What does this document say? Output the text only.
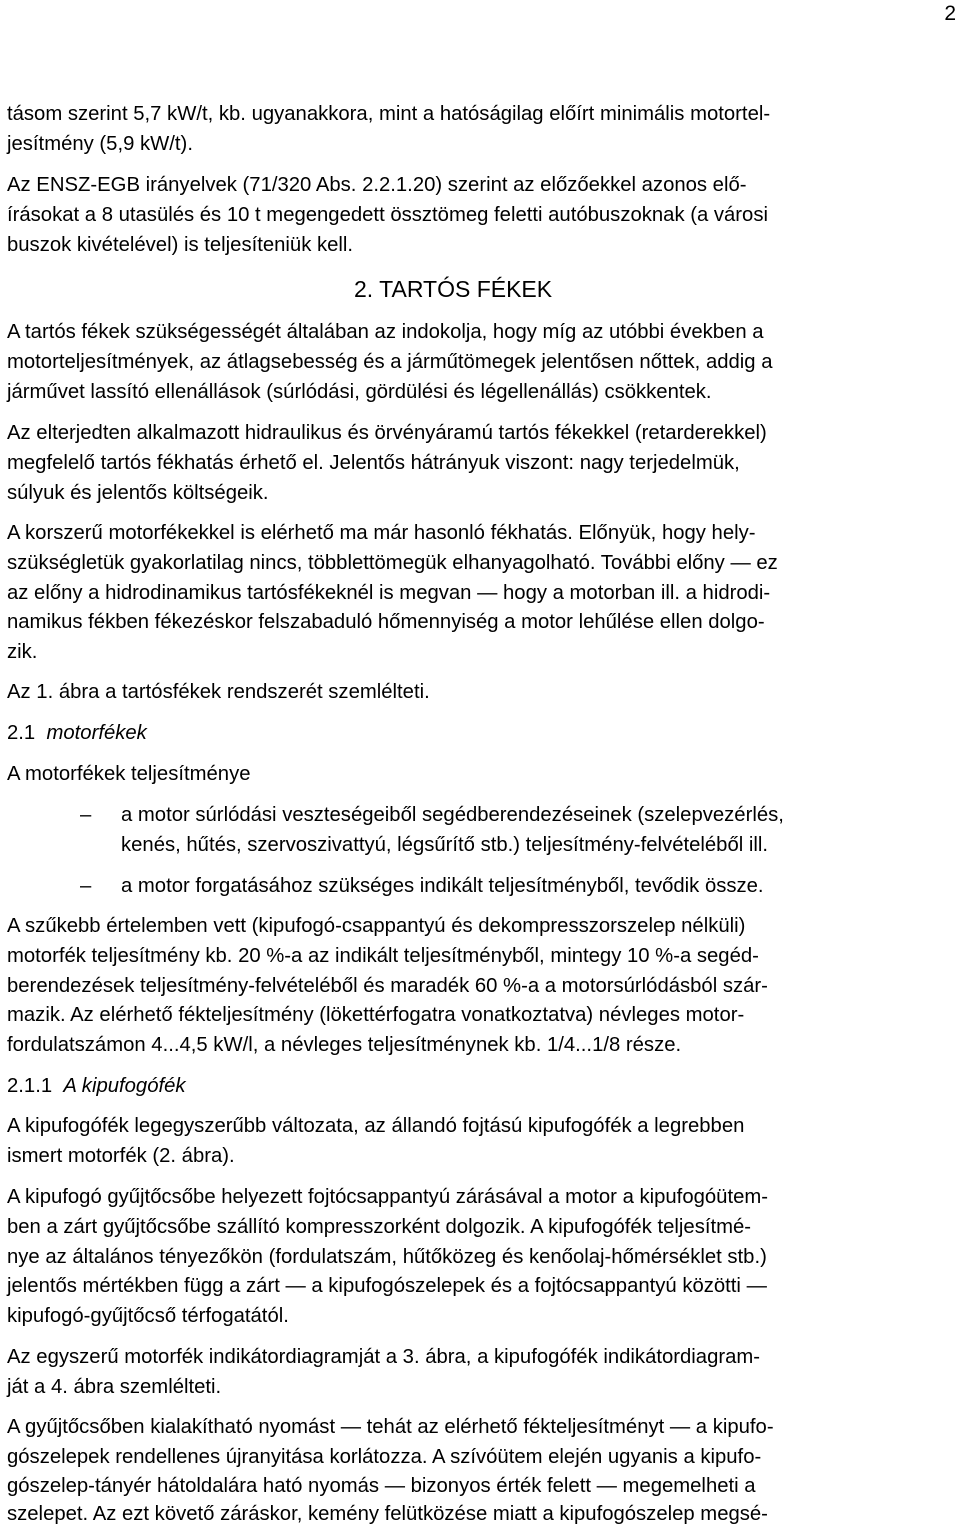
2
tásom szerint 5,7 kW/t, kb. ugyanakkora, mint a hatóságilag előírt minimális motortel-
jesítmény (5,9 kW/t).
Az ENSZ-EGB irányelvek (71/320 Abs. 2.2.1.20) szerint az előzőekkel azonos elő-
írásokat a 8 utasülés és 10 t megengedett össztömeg feletti autóbuszoknak (a városi
buszok kivételével) is teljesíteniük kell.
2. TARTÓS FÉKEK
A tartós fékek szükségességét általában az indokolja, hogy míg az utóbbi években a
motorteljesítmények, az átlagsebesség és a járműtömegek jelentősen nőttek, addig a
járművet lassító ellenállások (súrlódási, gördülési és légellenállás) csökkentek.
Az elterjedten alkalmazott hidraulikus és örvényáramú tartós fékekkel (retarderekkel)
megfelelő tartós fékhatás érhető el. Jelentős hátrányuk viszont: nagy terjedelmük,
súlyuk és jelentős költségeik.
A korszerű motorfékekkel is elérhető ma már hasonló fékhatás. Előnyük, hogy hely-
szükségletük gyakorlatilag nincs, többlettömegük elhanyagolható. További előny — ez
az előny a hidrodinamikus tartósfékeknél is megvan — hogy a motorban ill. a hidrodi-
namikus fékben fékezéskor felszabaduló hőmennyiség a motor lehűlése ellen dolgo-
zik.
Az 1. ábra a tartósfékek rendszerét szemlélteti.
2.1 motorfékek
A motorfékek teljesítménye
– a motor súrlódási veszteségeiből segédberendezéseinek (szelepvezérlés,
kenés, hűtés, szervoszivattyú, légsűrítő stb.) teljesítmény-felvételéből ill.
– a motor forgatásához szükséges indikált teljesítményből, tevődik össze.
A szűkebb értelemben vett (kipufogó-csappantyú és dekompresszorszelep nélküli)
motorfék teljesítmény kb. 20 %-a az indikált teljesítményből, mintegy 10 %-a segéd-
berendezések teljesítmény-felvételéből és maradék 60 %-a a motorsúrlódásból szár-
mazik. Az elérhető fékteljesítmény (lökettérfogatra vonatkoztatva) névleges motor-
fordulatszámon 4...4,5 kW/l, a névleges teljesítménynek kb. 1/4...1/8 része.
2.1.1 A kipufogófék
A kipufogófék legegyszerűbb változata, az állandó fojtású kipufogófék a legrebben
ismert motorfék (2. ábra).
A kipufogó gyűjtőcsőbe helyezett fojtócsappantyú zárásával a motor a kipufogóütem-
ben a zárt gyűjtőcsőbe szállító kompresszorként dolgozik. A kipufogófék teljesítmé-
nye az általános tényezőkön (fordulatszám, hűtőközeg és kenőolaj-hőmérséklet stb.)
jelentős mértékben függ a zárt — a kipufogószelepek és a fojtócsappantyú közötti —
kipufogó-gyűjtőcső térfogatától.
Az egyszerű motorfék indikátordiagramját a 3. ábra, a kipufogófék indikátordiagram-
ját a 4. ábra szemlélteti.
A gyűjtőcsőben kialakítható nyomást — tehát az elérhető fékteljesítményt — a kipufo-
gószelepek rendellenes újranyitása korlátozza. A szívóütem elején ugyanis a kipufo-
gószelep-tányér hátoldalára ható nyomás — bizonyos érték felett — megemelheti a
szelepet. Az ezt követő záráskor, kemény felütközése miatt a kipufogószelep megsé-
